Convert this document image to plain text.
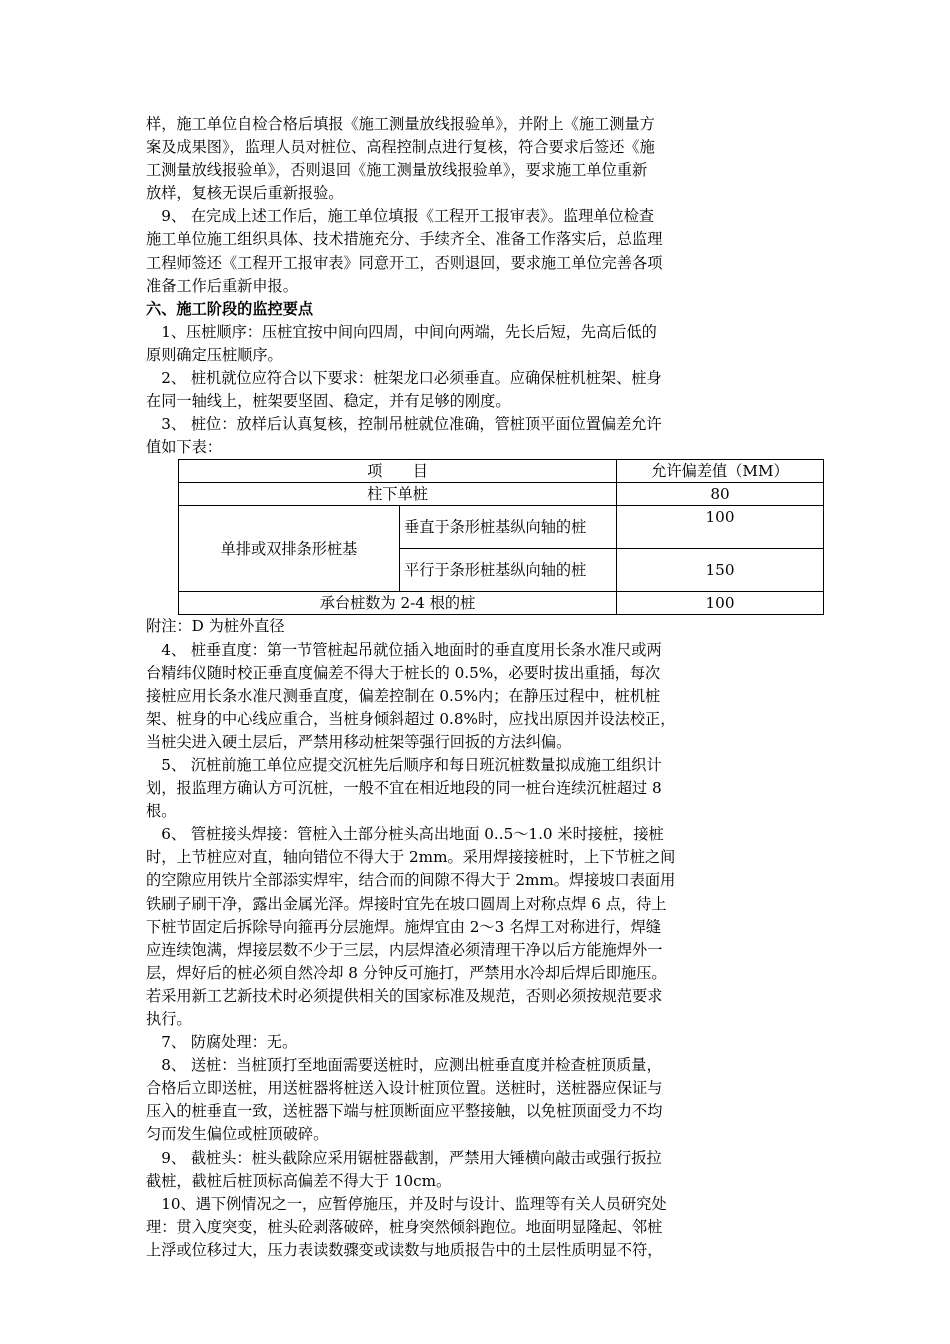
样，施工单位自检合格后填报《施工测量放线报验单》，并附上《施工测量方
案及成果图》，监理人员对桩位、高程控制点进行复核，符合要求后签还《施
工测量放线报验单》，否则退回《施工测量放线报验单》，要求施工单位重新
放样，复核无误后重新报验。
　9、 在完成上述工作后，施工单位填报《工程开工报审表》。监理单位检查
施工单位施工组织具体、技术措施充分、手续齐全、准备工作落实后，总监理
工程师签还《工程开工报审表》同意开工，否则退回，要求施工单位完善各项
准备工作后重新申报。
六、施工阶段的监控要点
　1、压桩顺序：压桩宜按中间向四周，中间向两端，先长后短，先高后低的
原则确定压桩顺序。
　2、 桩机就位应符合以下要求：桩架龙口必须垂直。应确保桩机桩架、桩身
在同一轴线上，桩架要坚固、稳定，并有足够的刚度。
　3、 桩位：放样后认真复核，控制吊桩就位准确，管桩顶平面位置偏差允许
值如下表：
项　　目		允许偏差值（MM）
柱下单桩		80
单排或双排条形桩基	垂直于条形桩基纵向轴的桩	100
	平行于条形桩基纵向轴的桩	150
承台桩数为 2-4 根的桩		100
附注：D 为桩外直径
　4、 桩垂直度：第一节管桩起吊就位插入地面时的垂直度用长条水准尺或两
台精纬仪随时校正垂直度偏差不得大于桩长的 0.5%，必要时拔出重插，每次
接桩应用长条水准尺测垂直度，偏差控制在 0.5%内；在静压过程中，桩机桩
架、桩身的中心线应重合，当桩身倾斜超过 0.8%时，应找出原因并设法校正，
当桩尖进入硬土层后，严禁用移动桩架等强行回扳的方法纠偏。
　5、 沉桩前施工单位应提交沉桩先后顺序和每日班沉桩数量拟成施工组织计
划，报监理方确认方可沉桩，一般不宜在相近地段的同一桩台连续沉桩超过 8
根。
　6、 管桩接头焊接：管桩入土部分桩头高出地面 0..5～1.0 米时接桩，接桩
时，上节桩应对直，轴向错位不得大于 2mm。采用焊接接桩时，上下节桩之间
的空隙应用铁片全部添实焊牢，结合而的间隙不得大于 2mm。焊接坡口表面用
铁刷子刷干净，露出金属光泽。焊接时宜先在坡口圆周上对称点焊 6 点，待上
下桩节固定后拆除导向箍再分层施焊。施焊宜由 2～3 名焊工对称进行，焊缝
应连续饱满，焊接层数不少于三层，内层焊渣必须清理干净以后方能施焊外一
层，焊好后的桩必须自然冷却 8 分钟反可施打，严禁用水冷却后焊后即施压。
若采用新工艺新技术时必须提供相关的国家标准及规范，否则必须按规范要求
执行。
　7、 防腐处理：无。
　8、 送桩：当桩顶打至地面需要送桩时，应测出桩垂直度并检查桩顶质量，
合格后立即送桩，用送桩器将桩送入设计桩顶位置。送桩时，送桩器应保证与
压入的桩垂直一致，送桩器下端与桩顶断面应平整接触，以免桩顶面受力不均
匀而发生偏位或桩顶破碎。
　9、 截桩头：桩头截除应采用锯桩器截割，严禁用大锤横向敲击或强行扳拉
截桩，截桩后桩顶标高偏差不得大于 10cm。
　10、遇下例情况之一，应暂停施压，并及时与设计、监理等有关人员研究处
理：贯入度突变，桩头砼剥落破碎，桩身突然倾斜跑位。地面明显隆起、邻桩
上浮或位移过大，压力表读数骤变或读数与地质报告中的土层性质明显不符，
